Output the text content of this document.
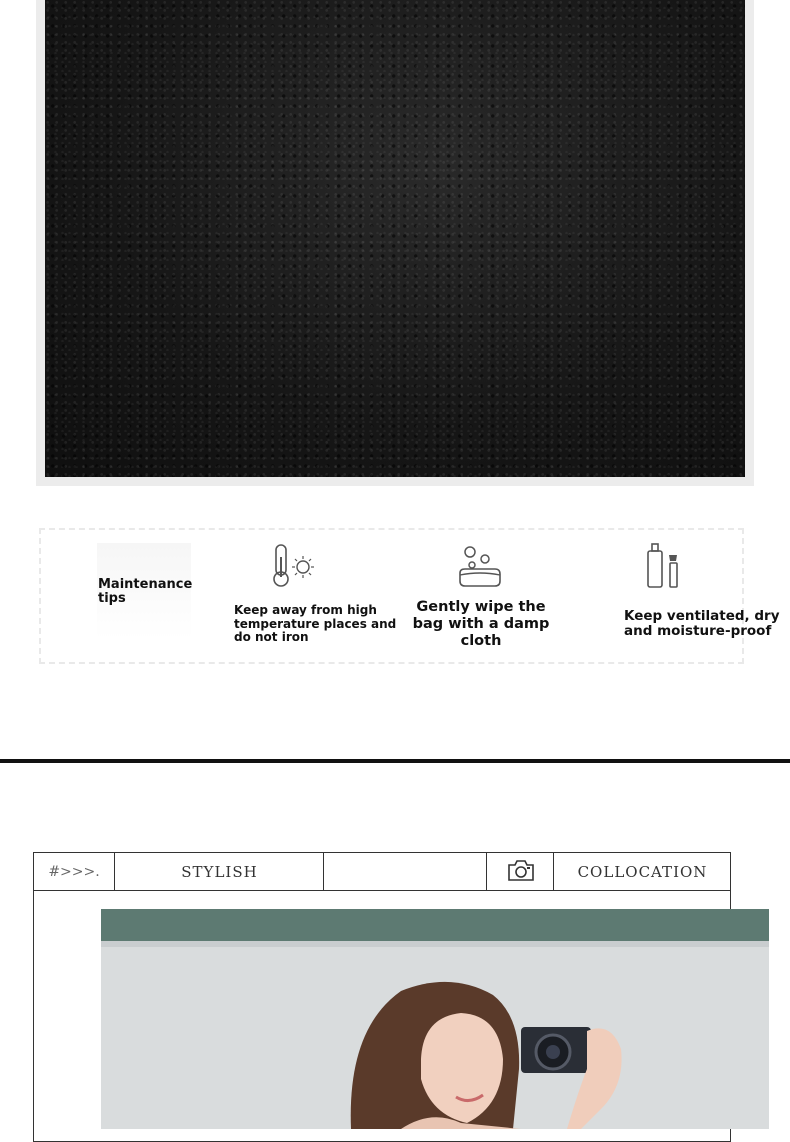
Maintenance tips
Keep away from high temperature places and do not iron
Gently wipe the bag with a damp cloth
Keep ventilated, dry and moisture-proof
#>>>.	STYLISH	COLLOCATION
